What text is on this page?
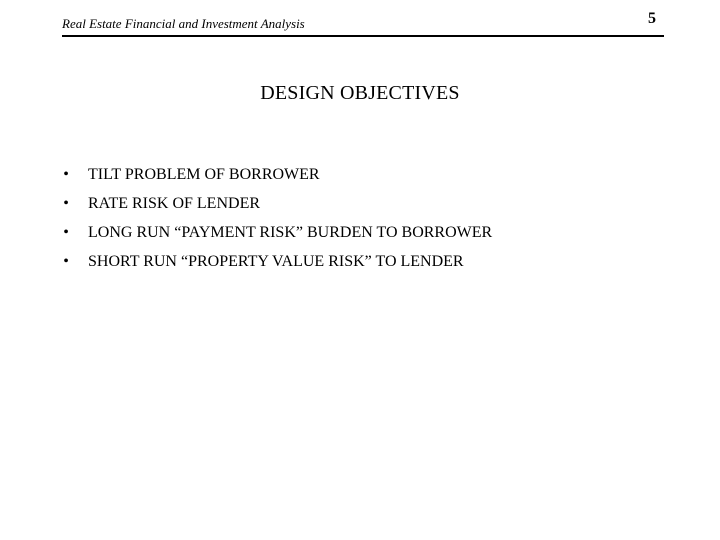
Real Estate Financial and Investment Analysis	5
DESIGN OBJECTIVES
• TILT PROBLEM OF BORROWER
• RATE RISK OF LENDER
• LONG RUN “PAYMENT RISK” BURDEN TO BORROWER
• SHORT RUN “PROPERTY VALUE RISK” TO LENDER
